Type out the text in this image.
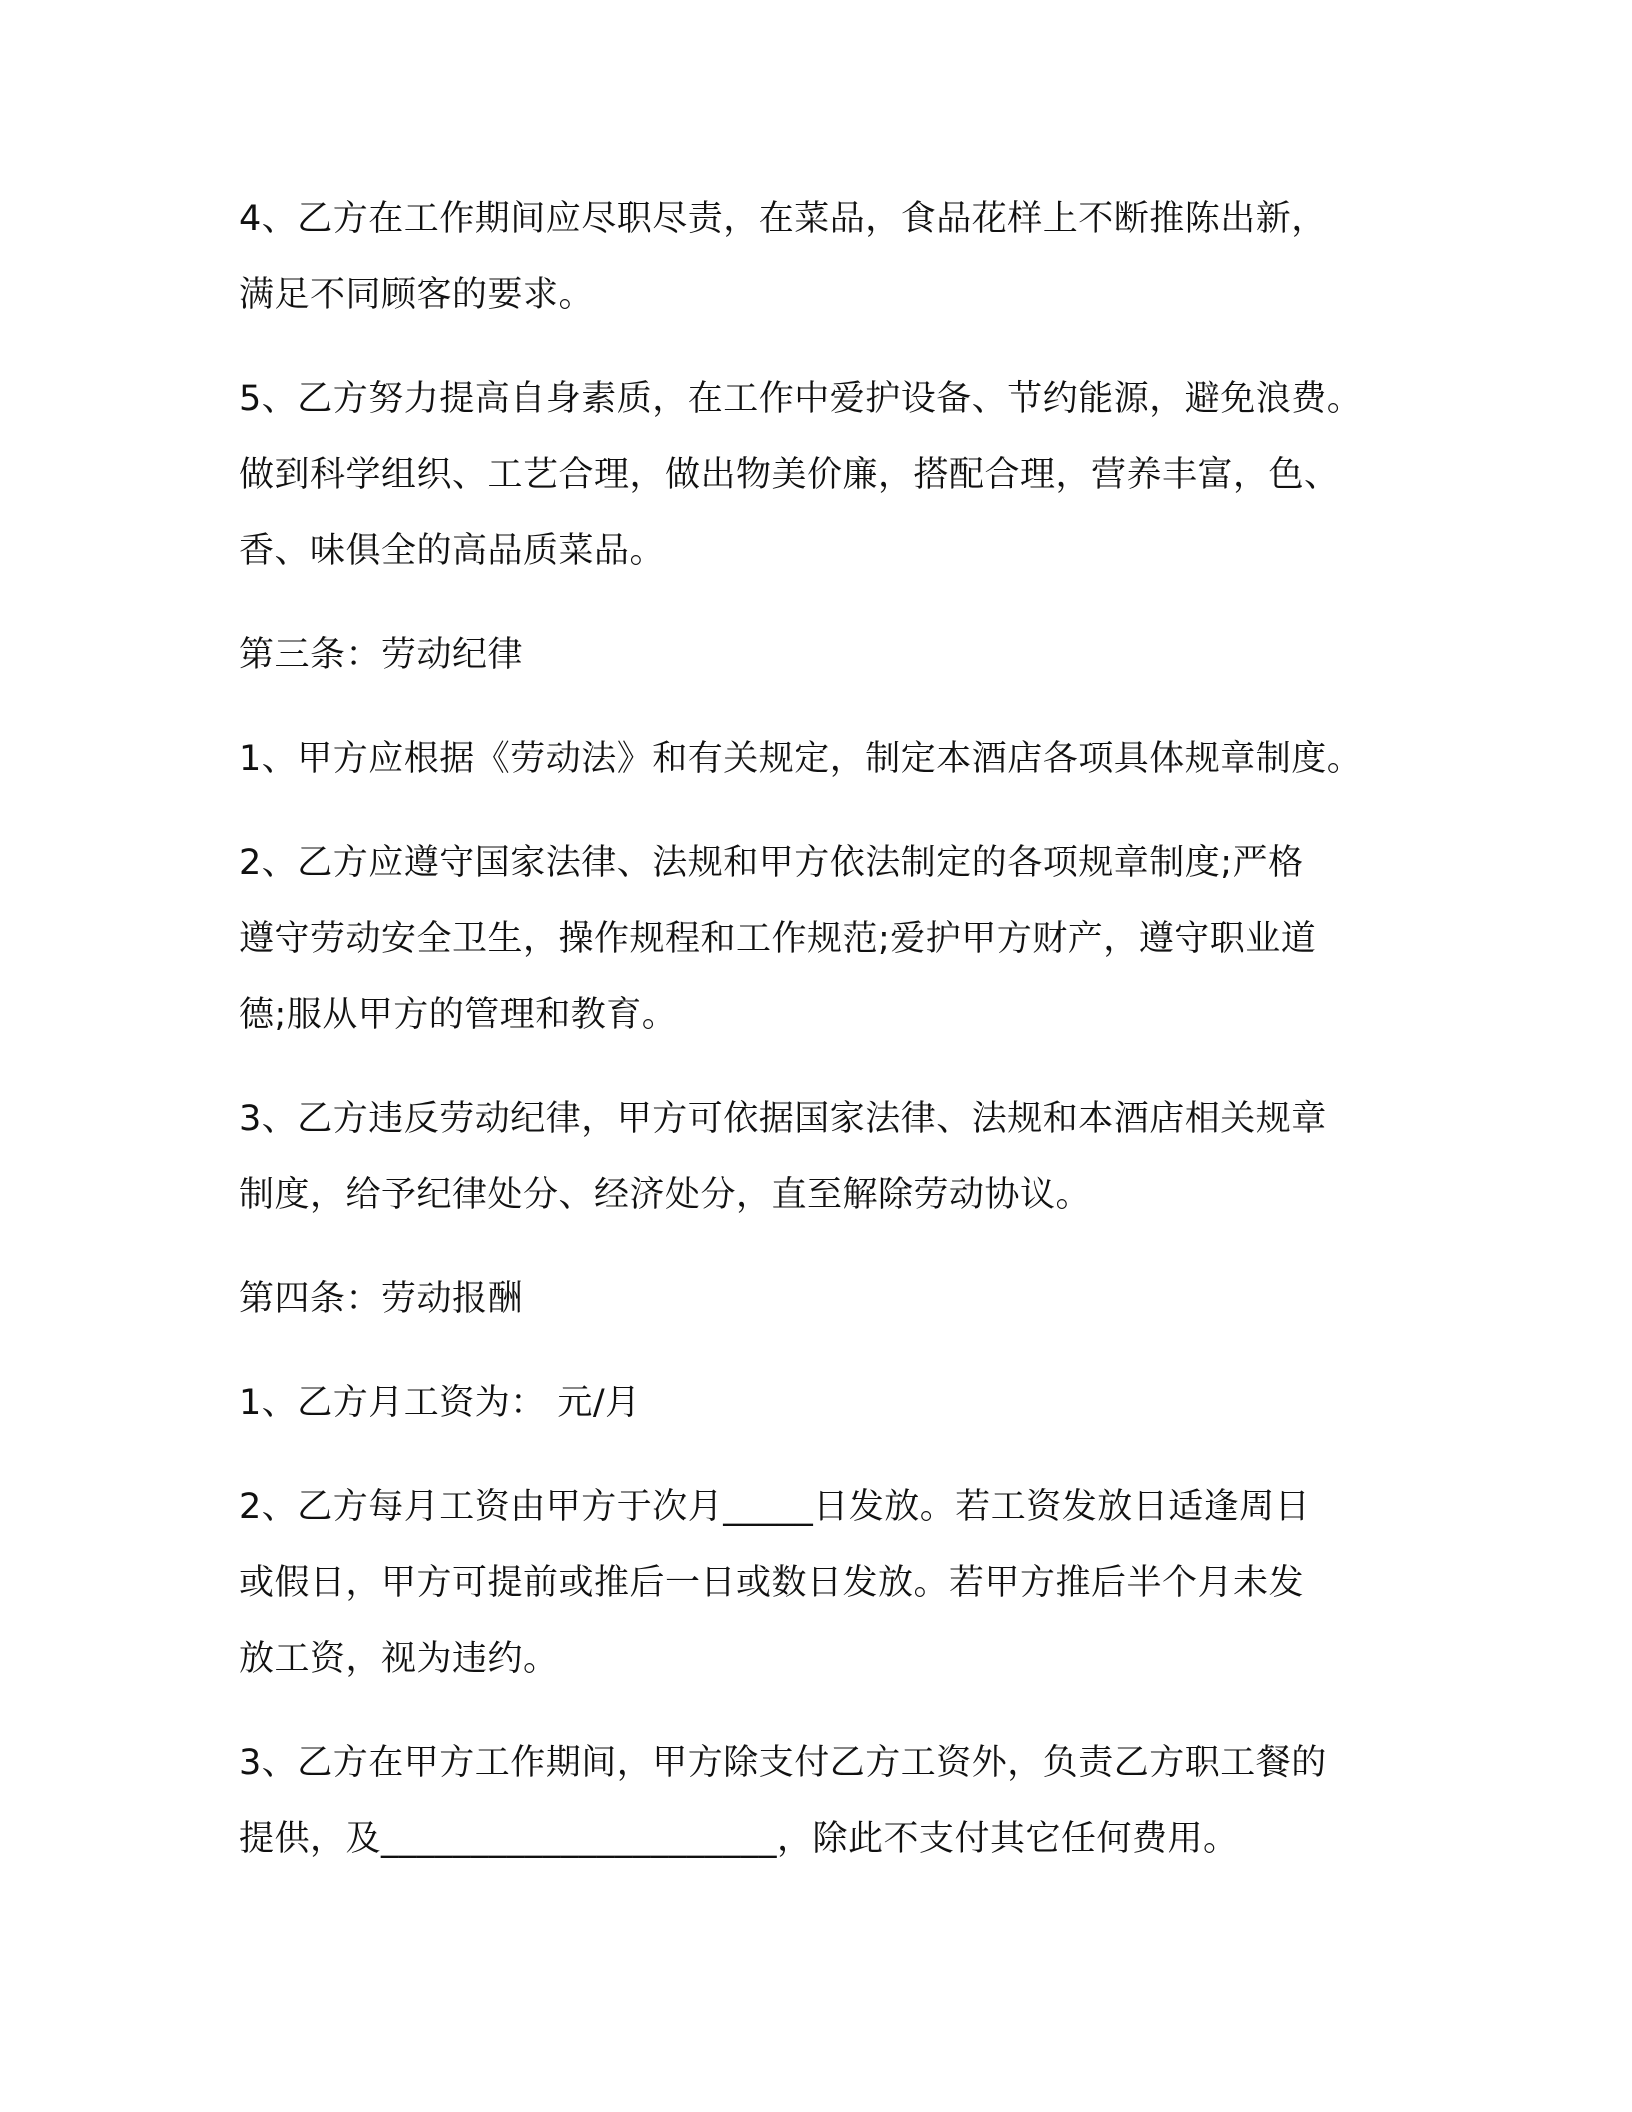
4、乙方在工作期间应尽职尽责，在菜品，食品花样上不断推陈出新，
满足不同顾客的要求。
5、乙方努力提高自身素质，在工作中爱护设备、节约能源，避免浪费。
做到科学组织、工艺合理，做出物美价廉，搭配合理，营养丰富，色、
香、味俱全的高品质菜品。
第三条：劳动纪律
1、甲方应根据《劳动法》和有关规定，制定本酒店各项具体规章制度。
2、乙方应遵守国家法律、法规和甲方依法制定的各项规章制度;严格
遵守劳动安全卫生，操作规程和工作规范;爱护甲方财产，遵守职业道
德;服从甲方的管理和教育。
3、乙方违反劳动纪律，甲方可依据国家法律、法规和本酒店相关规章
制度，给予纪律处分、经济处分，直至解除劳动协议。
第四条：劳动报酬
1、乙方月工资为： 元/月
2、乙方每月工资由甲方于次月_____日发放。若工资发放日适逢周日
或假日，甲方可提前或推后一日或数日发放。若甲方推后半个月未发
放工资，视为违约。
3、乙方在甲方工作期间，甲方除支付乙方工资外，负责乙方职工餐的
提供，及______________________，除此不支付其它任何费用。
